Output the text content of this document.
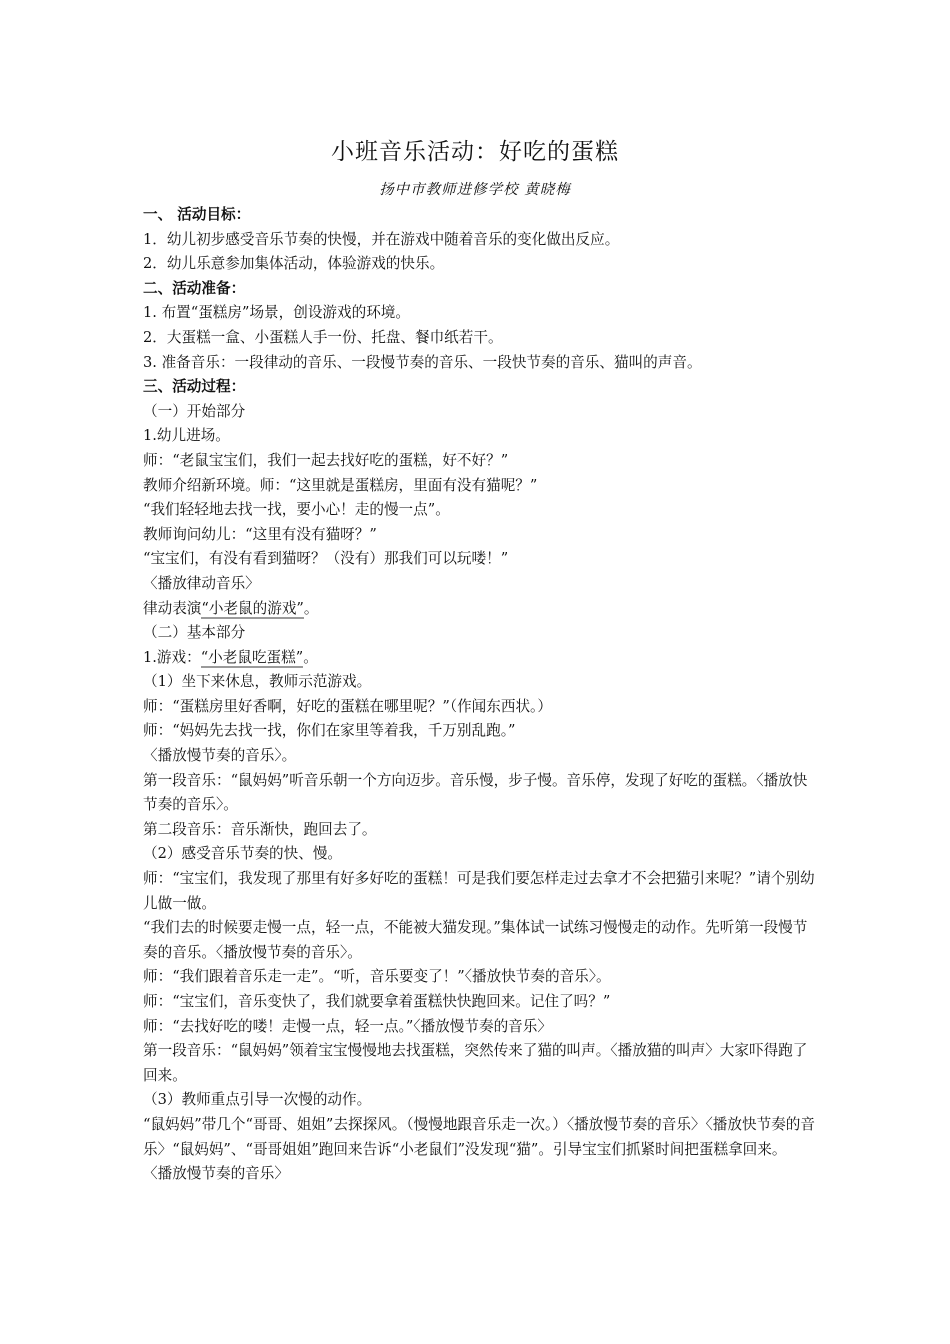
小班音乐活动：好吃的蛋糕
扬中市教师进修学校 黄晓梅
一、 活动目标：
1．幼儿初步感受音乐节奏的快慢，并在游戏中随着音乐的变化做出反应。
2．幼儿乐意参加集体活动，体验游戏的快乐。
二、活动准备：
1. 布置“蛋糕房”场景，创设游戏的环境。
2．大蛋糕一盒、小蛋糕人手一份、托盘、餐巾纸若干。
3. 准备音乐：一段律动的音乐、一段慢节奏的音乐、一段快节奏的音乐、猫叫的声音。
三、活动过程：
（一）开始部分
1.幼儿进场。
师：“老鼠宝宝们，我们一起去找好吃的蛋糕，好不好？”
教师介绍新环境。师：“这里就是蛋糕房，里面有没有猫呢？”
“我们轻轻地去找一找，要小心！走的慢一点”。
教师询问幼儿：“这里有没有猫呀？”
“宝宝们，有没有看到猫呀？（没有）那我们可以玩喽！”
〈播放律动音乐〉
律动表演“小老鼠的游戏”。
（二）基本部分
1.游戏：“小老鼠吃蛋糕”。
（1）坐下来休息，教师示范游戏。
师：“蛋糕房里好香啊，好吃的蛋糕在哪里呢？”（作闻东西状。）
师：“妈妈先去找一找，你们在家里等着我，千万别乱跑。”
〈播放慢节奏的音乐〉。
第一段音乐：“鼠妈妈”听音乐朝一个方向迈步。音乐慢，步子慢。音乐停，发现了好吃的蛋糕。〈播放快节奏的音乐〉。
第二段音乐：音乐渐快，跑回去了。
（2）感受音乐节奏的快、慢。
师：“宝宝们，我发现了那里有好多好吃的蛋糕！可是我们要怎样走过去拿才不会把猫引来呢？”请个别幼儿做一做。
“我们去的时候要走慢一点，轻一点，不能被大猫发现。”集体试一试练习慢慢走的动作。先听第一段慢节奏的音乐。〈播放慢节奏的音乐〉。
师：“我们跟着音乐走一走”。“听，音乐要变了！”〈播放快节奏的音乐〉。
师：“宝宝们，音乐变快了，我们就要拿着蛋糕快快跑回来。记住了吗？”
师：“去找好吃的喽！走慢一点，轻一点。”〈播放慢节奏的音乐〉
第一段音乐：“鼠妈妈”领着宝宝慢慢地去找蛋糕，突然传来了猫的叫声。〈播放猫的叫声〉大家吓得跑了回来。
（3）教师重点引导一次慢的动作。
“鼠妈妈”带几个“哥哥、姐姐”去探探风。（慢慢地跟音乐走一次。）〈播放慢节奏的音乐〉〈播放快节奏的音乐〉“鼠妈妈”、“哥哥姐姐”跑回来告诉“小老鼠们”没发现“猫”。引导宝宝们抓紧时间把蛋糕拿回来。
〈播放慢节奏的音乐〉
